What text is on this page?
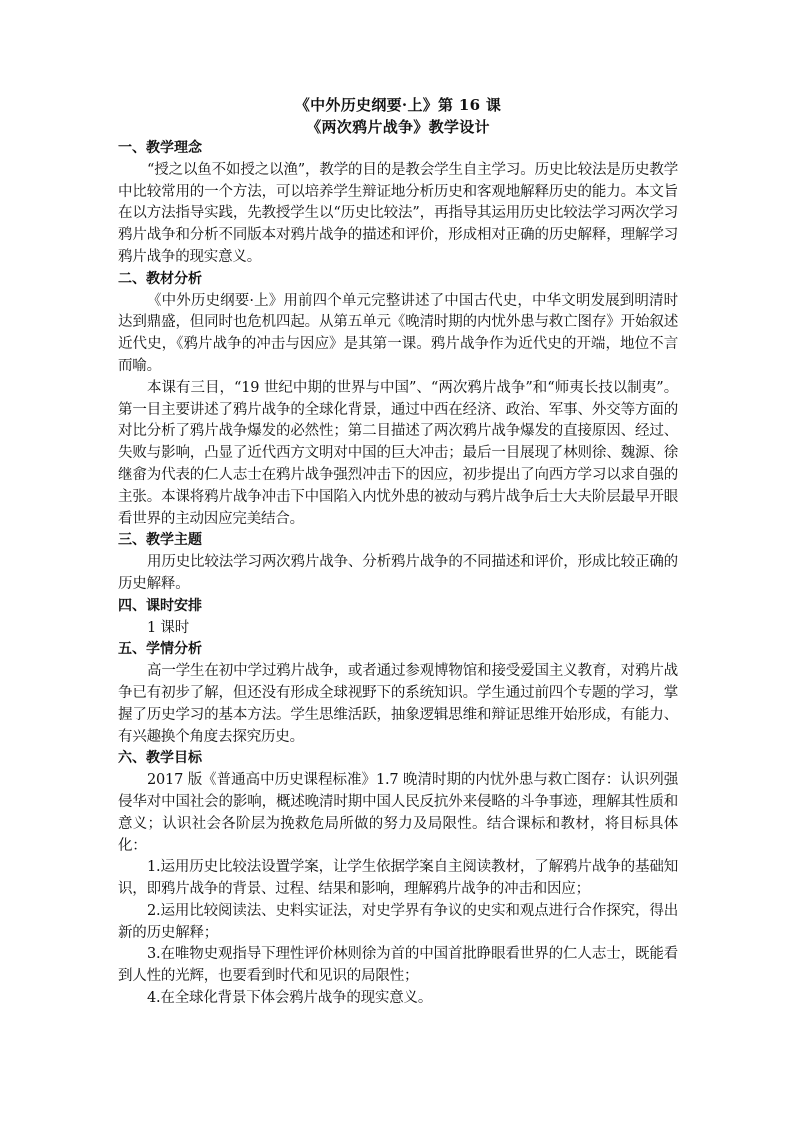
《中外历史纲要·上》第 16 课

《两次鸦片战争》教学设计

一、教学理念

“授之以鱼不如授之以渔”，教学的目的是教会学生自主学习。历史比较法是历史教学中比较常用的一个方法，可以培养学生辩证地分析历史和客观地解释历史的能力。本文旨在以方法指导实践，先教授学生以“历史比较法”，再指导其运用历史比较法学习两次学习鸦片战争和分析不同版本对鸦片战争的描述和评价，形成相对正确的历史解释，理解学习鸦片战争的现实意义。

二、教材分析

《中外历史纲要·上》用前四个单元完整讲述了中国古代史，中华文明发展到明清时达到鼎盛，但同时也危机四起。从第五单元《晚清时期的内忧外患与救亡图存》开始叙述近代史，《鸦片战争的冲击与因应》是其第一课。鸦片战争作为近代史的开端，地位不言而喻。

本课有三目，“19 世纪中期的世界与中国”、“两次鸦片战争”和“师夷长技以制夷”。第一目主要讲述了鸦片战争的全球化背景，通过中西在经济、政治、军事、外交等方面的对比分析了鸦片战争爆发的必然性；第二目描述了两次鸦片战争爆发的直接原因、经过、失败与影响，凸显了近代西方文明对中国的巨大冲击；最后一目展现了林则徐、魏源、徐继畲为代表的仁人志士在鸦片战争强烈冲击下的因应，初步提出了向西方学习以求自强的主张。本课将鸦片战争冲击下中国陷入内忧外患的被动与鸦片战争后士大夫阶层最早开眼看世界的主动因应完美结合。

三、教学主题

用历史比较法学习两次鸦片战争、分析鸦片战争的不同描述和评价，形成比较正确的历史解释。

四、课时安排

1 课时

五、学情分析

高一学生在初中学过鸦片战争，或者通过参观博物馆和接受爱国主义教育，对鸦片战争已有初步了解，但还没有形成全球视野下的系统知识。学生通过前四个专题的学习，掌握了历史学习的基本方法。学生思维活跃，抽象逻辑思维和辩证思维开始形成，有能力、有兴趣换个角度去探究历史。

六、教学目标

2017 版《普通高中历史课程标准》1.7 晚清时期的内忧外患与救亡图存：认识列强侵华对中国社会的影响，概述晚清时期中国人民反抗外来侵略的斗争事迹，理解其性质和意义；认识社会各阶层为挽救危局所做的努力及局限性。结合课标和教材，将目标具体化：

1.运用历史比较法设置学案，让学生依据学案自主阅读教材，了解鸦片战争的基础知识，即鸦片战争的背景、过程、结果和影响，理解鸦片战争的冲击和因应；

2.运用比较阅读法、史料实证法，对史学界有争议的史实和观点进行合作探究，得出新的历史解释；

3.在唯物史观指导下理性评价林则徐为首的中国首批睁眼看世界的仁人志士，既能看到人性的光辉，也要看到时代和见识的局限性；

4.在全球化背景下体会鸦片战争的现实意义。
